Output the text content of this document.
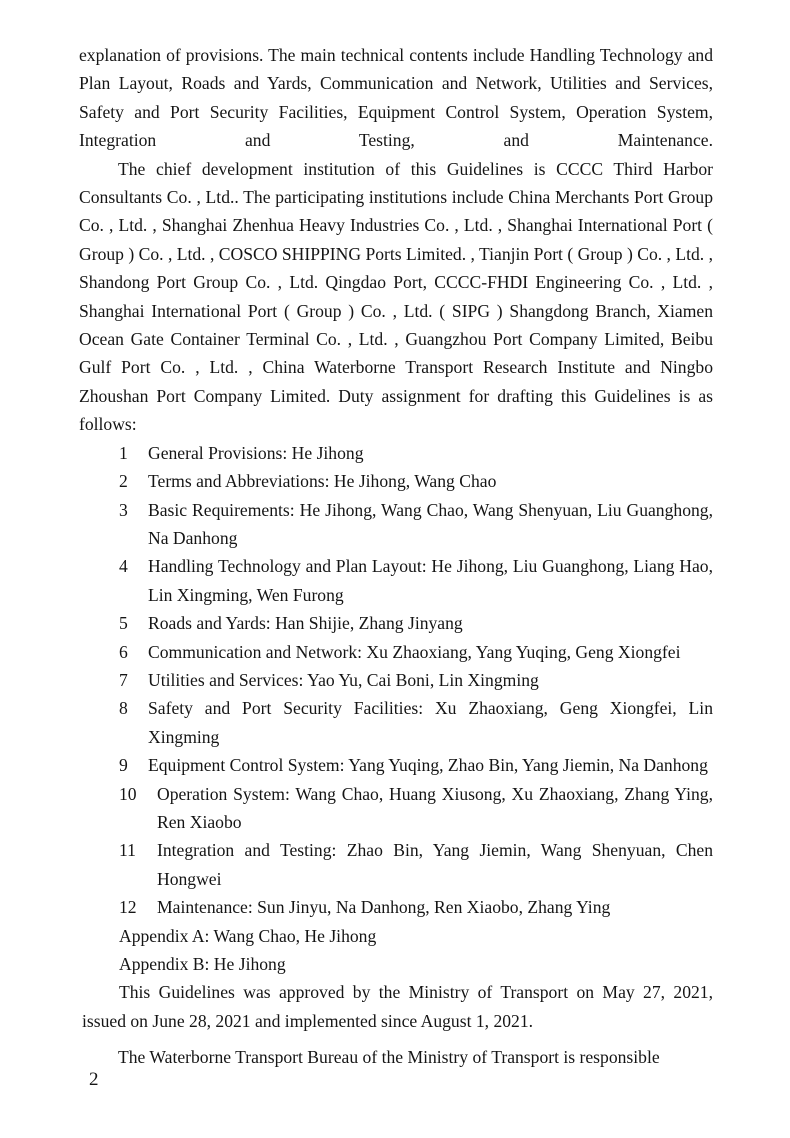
explanation of provisions. The main technical contents include Handling Technology and Plan Layout, Roads and Yards, Communication and Network, Utilities and Services, Safety and Port Security Facilities, Equipment Control System, Operation System, Integration and Testing, and Maintenance.

The chief development institution of this Guidelines is CCCC Third Harbor Consultants Co. , Ltd.. The participating institutions include China Merchants Port Group Co. , Ltd. , Shanghai Zhenhua Heavy Industries Co. , Ltd. , Shanghai International Port ( Group ) Co. , Ltd. , COSCO SHIPPING Ports Limited. , Tianjin Port ( Group ) Co. , Ltd. , Shandong Port Group Co. , Ltd. Qingdao Port, CCCC-FHDI Engineering Co. , Ltd. , Shanghai International Port ( Group ) Co. , Ltd. ( SIPG ) Shangdong Branch, Xiamen Ocean Gate Container Terminal Co. , Ltd. , Guangzhou Port Company Limited, Beibu Gulf Port Co. , Ltd. , China Waterborne Transport Research Institute and Ningbo Zhoushan Port Company Limited. Duty assignment for drafting this Guidelines is as follows:

1	General Provisions: He Jihong
2	Terms and Abbreviations: He Jihong, Wang Chao
3	Basic Requirements: He Jihong, Wang Chao, Wang Shenyuan, Liu Guanghong, Na Danhong
4	Handling Technology and Plan Layout: He Jihong, Liu Guanghong, Liang Hao, Lin Xingming, Wen Furong
5	Roads and Yards: Han Shijie, Zhang Jinyang
6	Communication and Network: Xu Zhaoxiang, Yang Yuqing, Geng Xiongfei
7	Utilities and Services: Yao Yu, Cai Boni, Lin Xingming
8	Safety and Port Security Facilities: Xu Zhaoxiang, Geng Xiongfei, Lin Xingming
9	Equipment Control System: Yang Yuqing, Zhao Bin, Yang Jiemin, Na Danhong
10	Operation System: Wang Chao, Huang Xiusong, Xu Zhaoxiang, Zhang Ying, Ren Xiaobo
11	Integration and Testing: Zhao Bin, Yang Jiemin, Wang Shenyuan, Chen Hongwei
12	Maintenance: Sun Jinyu, Na Danhong, Ren Xiaobo, Zhang Ying
Appendix A: Wang Chao, He Jihong
Appendix B: He Jihong
This Guidelines was approved by the Ministry of Transport on May 27, 2021,
issued on June 28, 2021 and implemented since August 1, 2021.

The Waterborne Transport Bureau of the Ministry of Transport is responsible

2
